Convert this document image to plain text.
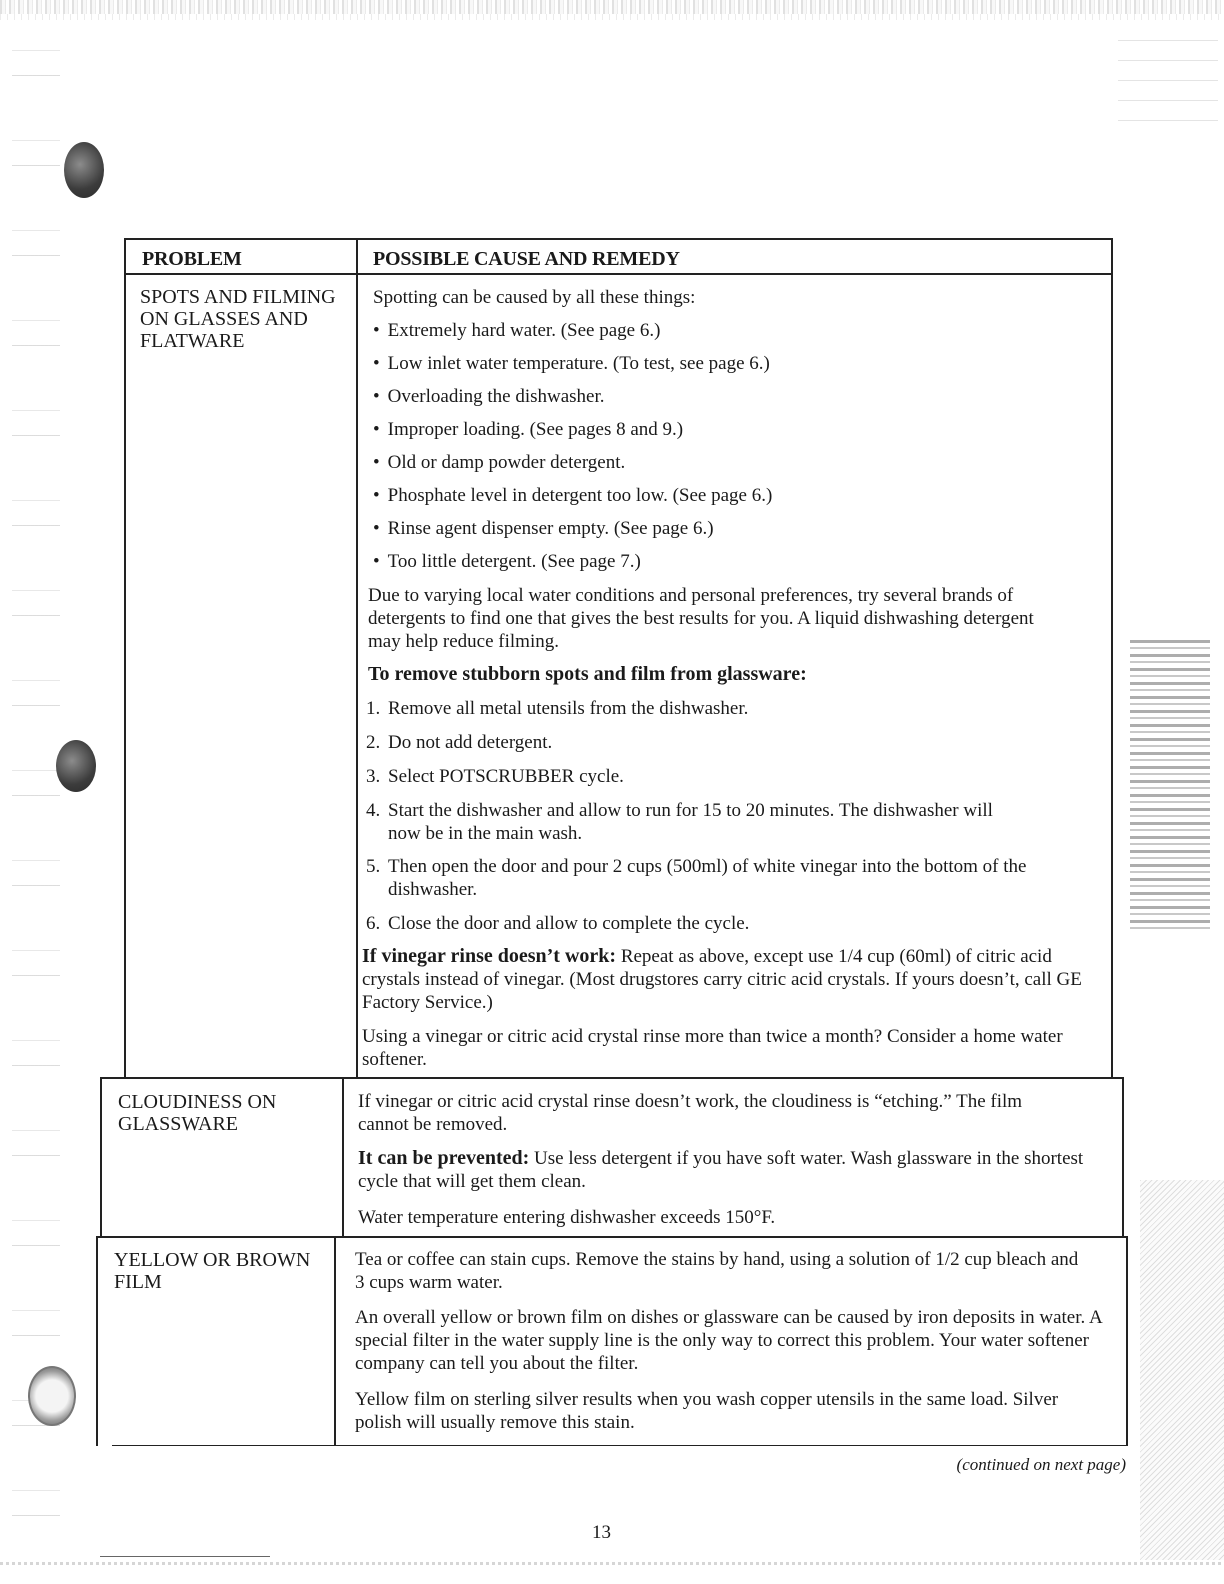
PROBLEM	POSSIBLE CAUSE AND REMEDY
SPOTS AND FILMING ON GLASSES AND FLATWARE

Spotting can be caused by all these things:

• Extremely hard water. (See page 6.)
• Low inlet water temperature. (To test, see page 6.)
• Overloading the dishwasher.
• Improper loading. (See pages 8 and 9.)
• Old or damp powder detergent.
• Phosphate level in detergent too low. (See page 6.)
• Rinse agent dispenser empty. (See page 6.)
• Too little detergent. (See page 7.)
Due to varying local water conditions and personal preferences, try several brands of detergents to find one that gives the best results for you. A liquid dishwashing detergent may help reduce filming.
To remove stubborn spots and film from glassware:
1. Remove all metal utensils from the dishwasher.
2. Do not add detergent.
3. Select POTSCRUBBER cycle.
4. Start the dishwasher and allow to run for 15 to 20 minutes. The dishwasher will now be in the main wash.
5. Then open the door and pour 2 cups (500ml) of white vinegar into the bottom of the dishwasher.
6. Close the door and allow to complete the cycle.
If vinegar rinse doesn’t work: Repeat as above, except use 1/4 cup (60ml) of citric acid crystals instead of vinegar. (Most drugstores carry citric acid crystals. If yours doesn’t, call GE Factory Service.)
Using a vinegar or citric acid crystal rinse more than twice a month? Consider a home water softener.
CLOUDINESS ON GLASSWARE
If vinegar or citric acid crystal rinse doesn’t work, the cloudiness is “etching.” The film cannot be removed.
It can be prevented: Use less detergent if you have soft water. Wash glassware in the shortest cycle that will get them clean.
Water temperature entering dishwasher exceeds 150°F.
YELLOW OR BROWN FILM
Tea or coffee can stain cups. Remove the stains by hand, using a solution of 1/2 cup bleach and 3 cups warm water.
An overall yellow or brown film on dishes or glassware can be caused by iron deposits in water. A special filter in the water supply line is the only way to correct this problem. Your water softener company can tell you about the filter.
Yellow film on sterling silver results when you wash copper utensils in the same load. Silver polish will usually remove this stain.
(continued on next page)
13
